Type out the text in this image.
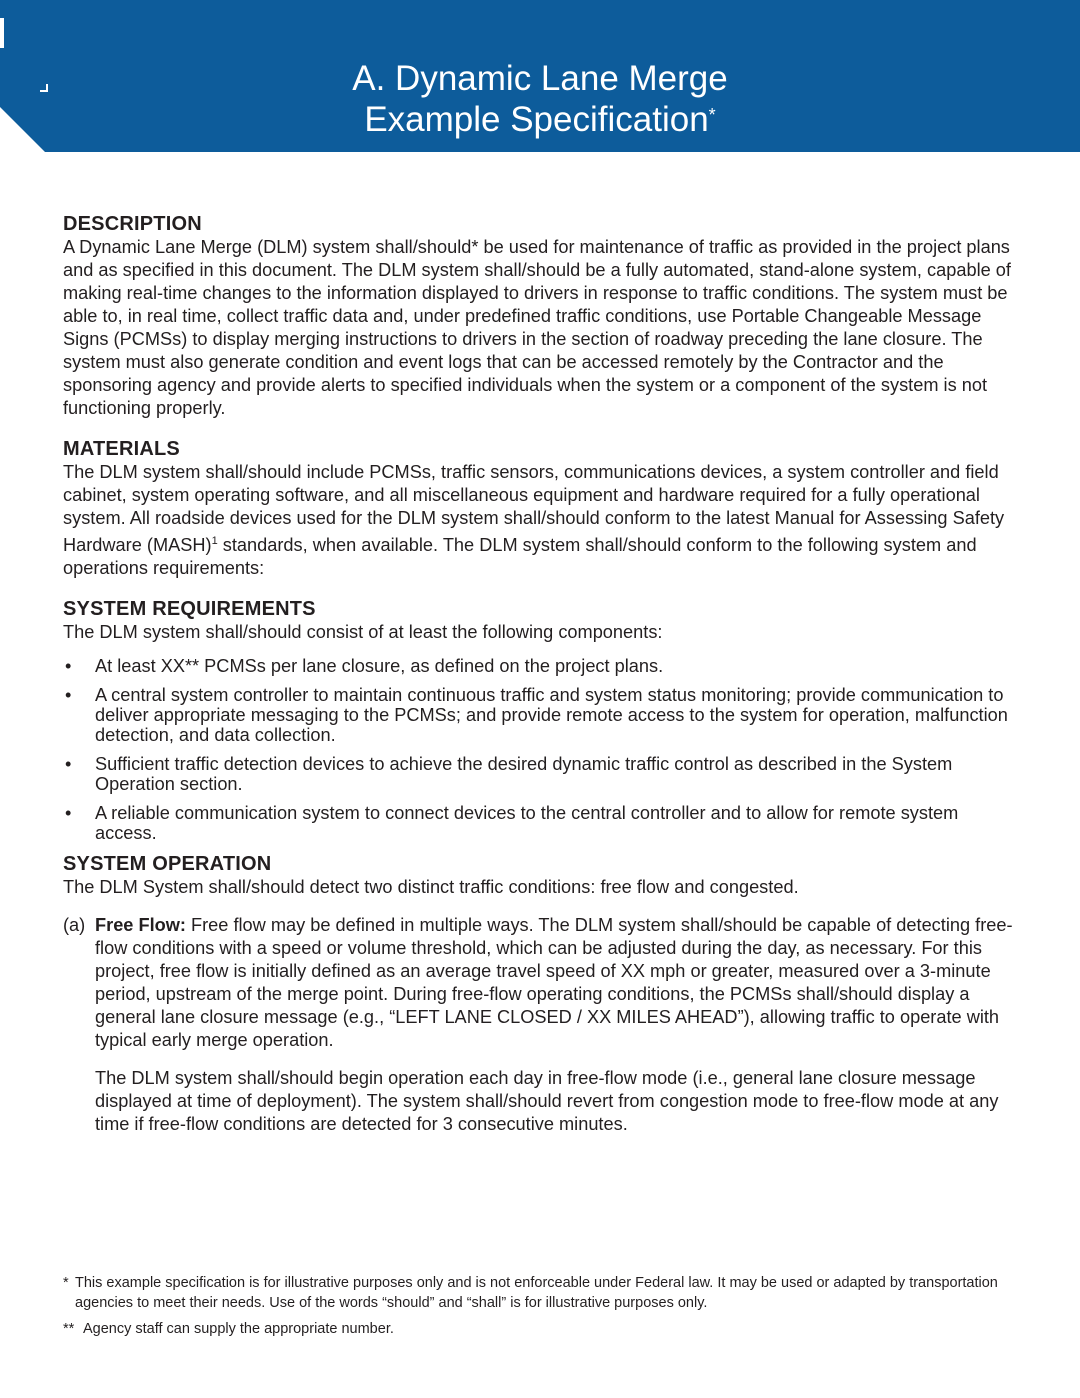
A. Dynamic Lane Merge
Example Specification*
DESCRIPTION

A Dynamic Lane Merge (DLM) system shall/should* be used for maintenance of traffic as provided in the project plans and as specified in this document. The DLM system shall/should be a fully automated, stand-alone system, capable of making real-time changes to the information displayed to drivers in response to traffic conditions. The system must be able to, in real time, collect traffic data and, under predefined traffic conditions, use Portable Changeable Message Signs (PCMSs) to display merging instructions to drivers in the section of roadway preceding the lane closure. The system must also generate condition and event logs that can be accessed remotely by the Contractor and the sponsoring agency and provide alerts to specified individuals when the system or a component of the system is not functioning properly.

MATERIALS

The DLM system shall/should include PCMSs, traffic sensors, communications devices, a system controller and field cabinet, system operating software, and all miscellaneous equipment and hardware required for a fully operational system. All roadside devices used for the DLM system shall/should conform to the latest Manual for Assessing Safety Hardware (MASH)$^1$ standards, when available. The DLM system shall/should conform to the following system and operations requirements:

SYSTEM REQUIREMENTS

The DLM system shall/should consist of at least the following components:

• At least XX** PCMSs per lane closure, as defined on the project plans.
• A central system controller to maintain continuous traffic and system status monitoring; provide communication to deliver appropriate messaging to the PCMSs; and provide remote access to the system for operation, malfunction detection, and data collection.
• Sufficient traffic detection devices to achieve the desired dynamic traffic control as described in the System Operation section.
• A reliable communication system to connect devices to the central controller and to allow for remote system access.
SYSTEM OPERATION

The DLM System shall/should detect two distinct traffic conditions: free flow and congested.

(a) Free Flow: Free flow may be defined in multiple ways. The DLM system shall/should be capable of detecting free-flow conditions with a speed or volume threshold, which can be adjusted during the day, as necessary. For this project, free flow is initially defined as an average travel speed of XX mph or greater, measured over a 3-minute period, upstream of the merge point. During free-flow operating conditions, the PCMSs shall/should display a general lane closure message (e.g., “LEFT LANE CLOSED / XX MILES AHEAD”), allowing traffic to operate with typical early merge operation.

The DLM system shall/should begin operation each day in free-flow mode (i.e., general lane closure message displayed at time of deployment). The system shall/should revert from congestion mode to free-flow mode at any time if free-flow conditions are detected for 3 consecutive minutes.

* This example specification is for illustrative purposes only and is not enforceable under Federal law. It may be used or adapted by transportation agencies to meet their needs. Use of the words “should” and “shall” is for illustrative purposes only.
** Agency staff can supply the appropriate number.
